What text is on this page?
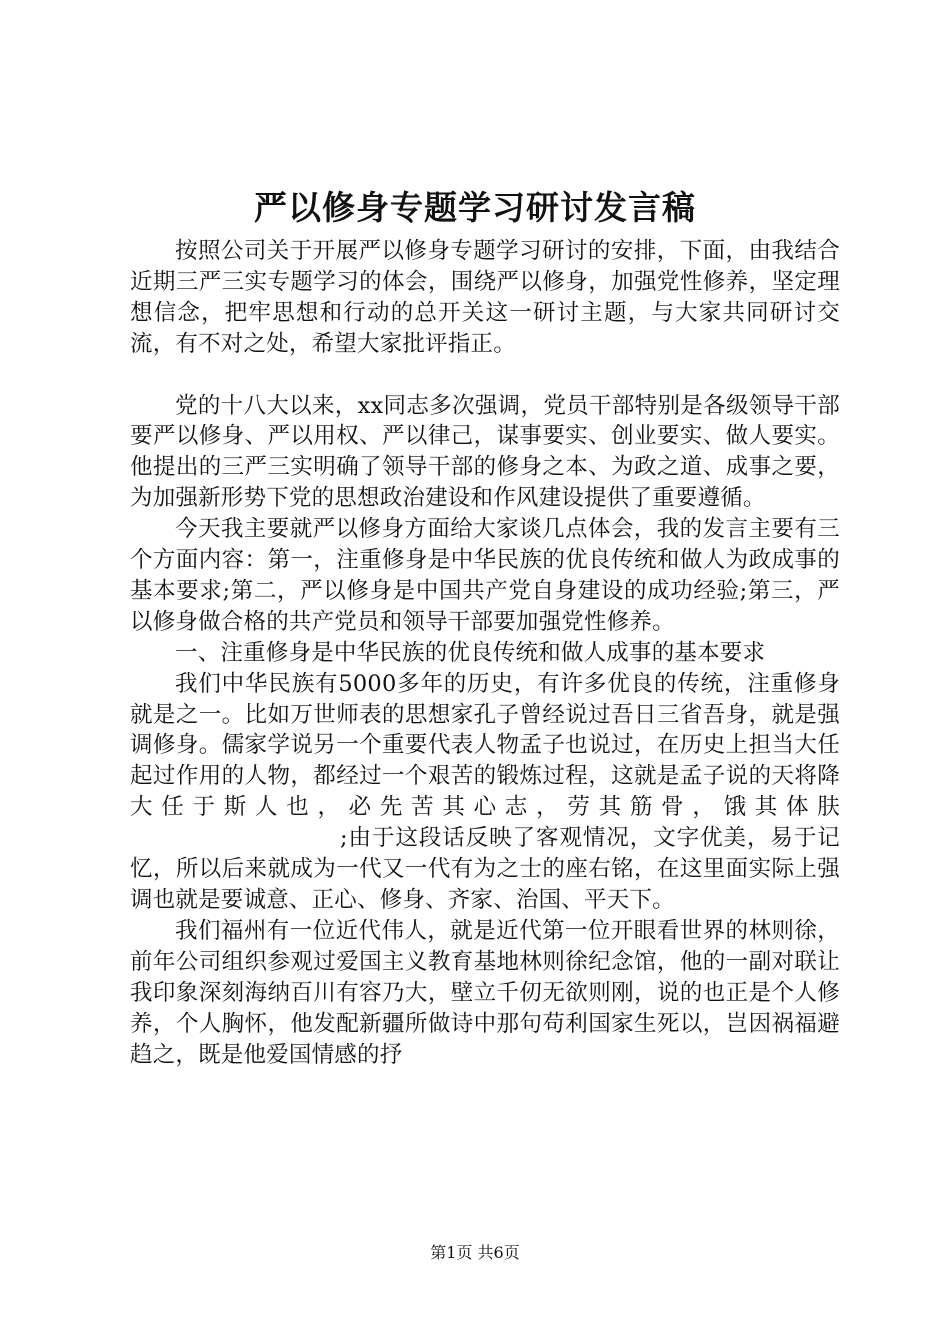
严以修身专题学习研讨发言稿

按照公司关于开展严以修身专题学习研讨的安排，下面，由我结合近期三严三实专题学习的体会，围绕严以修身，加强党性修养，坚定理想信念，把牢思想和行动的总开关这一研讨主题，与大家共同研讨交流，有不对之处，希望大家批评指正。

党的十八大以来，xx同志多次强调，党员干部特别是各级领导干部要严以修身、严以用权、严以律己，谋事要实、创业要实、做人要实。他提出的三严三实明确了领导干部的修身之本、为政之道、成事之要，为加强新形势下党的思想政治建设和作风建设提供了重要遵循。

今天我主要就严以修身方面给大家谈几点体会，我的发言主要有三个方面内容：第一，注重修身是中华民族的优良传统和做人为政成事的基本要求;第二，严以修身是中国共产党自身建设的成功经验;第三，严以修身做合格的共产党员和领导干部要加强党性修养。

一、注重修身是中华民族的优良传统和做人成事的基本要求

我们中华民族有5000多年的历史，有许多优良的传统，注重修身就是之一。比如万世师表的思想家孔子曾经说过吾日三省吾身，就是强调修身。儒家学说另一个重要代表人物孟子也说过，在历史上担当大任起过作用的人物，都经过一个艰苦的锻炼过程，这就是孟子说的天将降大任于斯人也，必先苦其心志，劳其筋骨，饿其体肤;由于这段话反映了客观情况，文字优美，易于记忆，所以后来就成为一代又一代有为之士的座右铭，在这里面实际上强调也就是要诚意、正心、修身、齐家、治国、平天下。

我们福州有一位近代伟人，就是近代第一位开眼看世界的林则徐，前年公司组织参观过爱国主义教育基地林则徐纪念馆，他的一副对联让我印象深刻海纳百川有容乃大，壁立千仞无欲则刚，说的也正是个人修养，个人胸怀，他发配新疆所做诗中那句苟利国家生死以，岂因祸福避趋之，既是他爱国情感的抒

第1页 共6页
